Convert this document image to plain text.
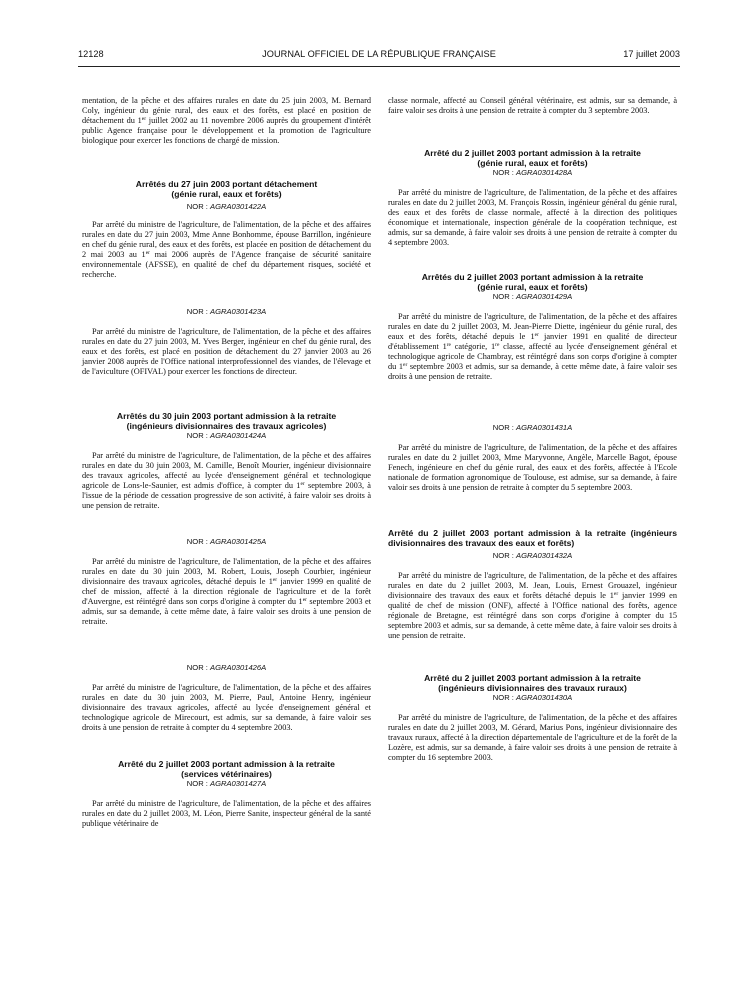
12128	JOURNAL OFFICIEL DE LA RÉPUBLIQUE FRANÇAISE	17 juillet 2003

mentation, de la pêche et des affaires rurales en date du 25 juin 2003, M. Bernard Coly, ingénieur du génie rural, des eaux et des forêts, est placé en position de détachement du 1er juillet 2002 au 11 novembre 2006 auprès du groupement d'intérêt public Agence française pour le développement et la promotion de l'agriculture biologique pour exercer les fonctions de chargé de mission.

Arrêtés du 27 juin 2003 portant détachement

(génie rural, eaux et forêts)

NOR : AGRA0301422A

Par arrêté du ministre de l'agriculture, de l'alimentation, de la pêche et des affaires rurales en date du 27 juin 2003, Mme Anne Bonhomme, épouse Barrillon, ingénieure en chef du génie rural, des eaux et des forêts, est placée en position de détachement du 2 mai 2003 au 1er mai 2006 auprès de l'Agence française de sécurité sanitaire environnementale (AFSSE), en qualité de chef du département risques, société et recherche.

NOR : AGRA0301423A

Par arrêté du ministre de l'agriculture, de l'alimentation, de la pêche et des affaires rurales en date du 27 juin 2003, M. Yves Berger, ingénieur en chef du génie rural, des eaux et des forêts, est placé en position de détachement du 27 janvier 2003 au 26 janvier 2008 auprès de l'Office national interprofessionnel des viandes, de l'élevage et de l'aviculture (OFIVAL) pour exercer les fonctions de directeur.

Arrêtés du 30 juin 2003 portant admission à la retraite

(ingénieurs divisionnaires des travaux agricoles)

NOR : AGRA0301424A

Par arrêté du ministre de l'agriculture, de l'alimentation, de la pêche et des affaires rurales en date du 30 juin 2003, M. Camille, Benoît Mourier, ingénieur divisionnaire des travaux agricoles, affecté au lycée d'enseignement général et technologique agricole de Lons-le-Saunier, est admis d'office, à compter du 1er septembre 2003, à l'issue de la période de cessation progressive de son activité, à faire valoir ses droits à une pension de retraite.

NOR : AGRA0301425A

Par arrêté du ministre de l'agriculture, de l'alimentation, de la pêche et des affaires rurales en date du 30 juin 2003, M. Robert, Louis, Joseph Courbier, ingénieur divisionnaire des travaux agricoles, détaché depuis le 1er janvier 1999 en qualité de chef de mission, affecté à la direction régionale de l'agriculture et de la forêt d'Auvergne, est réintégré dans son corps d'origine à compter du 1er septembre 2003 et admis, sur sa demande, à cette même date, à faire valoir ses droits à une pension de retraite.

NOR : AGRA0301426A

Par arrêté du ministre de l'agriculture, de l'alimentation, de la pêche et des affaires rurales en date du 30 juin 2003, M. Pierre, Paul, Antoine Henry, ingénieur divisionnaire des travaux agricoles, affecté au lycée d'enseignement général et technologique agricole de Mirecourt, est admis, sur sa demande, à faire valoir ses droits à une pension de retraite à compter du 4 septembre 2003.

Arrêté du 2 juillet 2003 portant admission à la retraite

(services vétérinaires)

NOR : AGRA0301427A

Par arrêté du ministre de l'agriculture, de l'alimentation, de la pêche et des affaires rurales en date du 2 juillet 2003, M. Léon, Pierre Sanite, inspecteur général de la santé publique vétérinaire de

classe normale, affecté au Conseil général vétérinaire, est admis, sur sa demande, à faire valoir ses droits à une pension de retraite à compter du 3 septembre 2003.

Arrêté du 2 juillet 2003 portant admission à la retraite

(génie rural, eaux et forêts)

NOR : AGRA0301428A

Par arrêté du ministre de l'agriculture, de l'alimentation, de la pêche et des affaires rurales en date du 2 juillet 2003, M. François Rossin, ingénieur général du génie rural, des eaux et des forêts de classe normale, affecté à la direction des politiques économique et internationale, inspection générale de la coopération technique, est admis, sur sa demande, à faire valoir ses droits à une pension de retraite à compter du 4 septembre 2003.

Arrêtés du 2 juillet 2003 portant admission à la retraite

(génie rural, eaux et forêts)

NOR : AGRA0301429A

Par arrêté du ministre de l'agriculture, de l'alimentation, de la pêche et des affaires rurales en date du 2 juillet 2003, M. Jean-Pierre Diette, ingénieur du génie rural, des eaux et des forêts, détaché depuis le 1er janvier 1991 en qualité de directeur d'établissement 1re catégorie, 1re classe, affecté au lycée d'enseignement général et technologique agricole de Chambray, est réintégré dans son corps d'origine à compter du 1er septembre 2003 et admis, sur sa demande, à cette même date, à faire valoir ses droits à une pension de retraite.

NOR : AGRA0301431A

Par arrêté du ministre de l'agriculture, de l'alimentation, de la pêche et des affaires rurales en date du 2 juillet 2003, Mme Maryvonne, Angèle, Marcelle Bagot, épouse Fenech, ingénieure en chef du génie rural, des eaux et des forêts, affectée à l'Ecole nationale de formation agronomique de Toulouse, est admise, sur sa demande, à faire valoir ses droits à une pension de retraite à compter du 5 septembre 2003.

Arrêté du 2 juillet 2003 portant admission à la retraite (ingénieurs divisionnaires des travaux des eaux et forêts)

NOR : AGRA0301432A

Par arrêté du ministre de l'agriculture, de l'alimentation, de la pêche et des affaires rurales en date du 2 juillet 2003, M. Jean, Louis, Ernest Grouazel, ingénieur divisionnaire des travaux des eaux et forêts détaché depuis le 1er janvier 1999 en qualité de chef de mission (ONF), affecté à l'Office national des forêts, agence régionale de Bretagne, est réintégré dans son corps d'origine à compter du 15 septembre 2003 et admis, sur sa demande, à cette même date, à faire valoir ses droits à une pension de retraite.

Arrêté du 2 juillet 2003 portant admission à la retraite

(ingénieurs divisionnaires des travaux ruraux)

NOR : AGRA0301430A

Par arrêté du ministre de l'agriculture, de l'alimentation, de la pêche et des affaires rurales en date du 2 juillet 2003, M. Gérard, Marius Pons, ingénieur divisionnaire des travaux ruraux, affecté à la direction départementale de l'agriculture et de la forêt de la Lozère, est admis, sur sa demande, à faire valoir ses droits à une pension de retraite à compter du 16 septembre 2003.
